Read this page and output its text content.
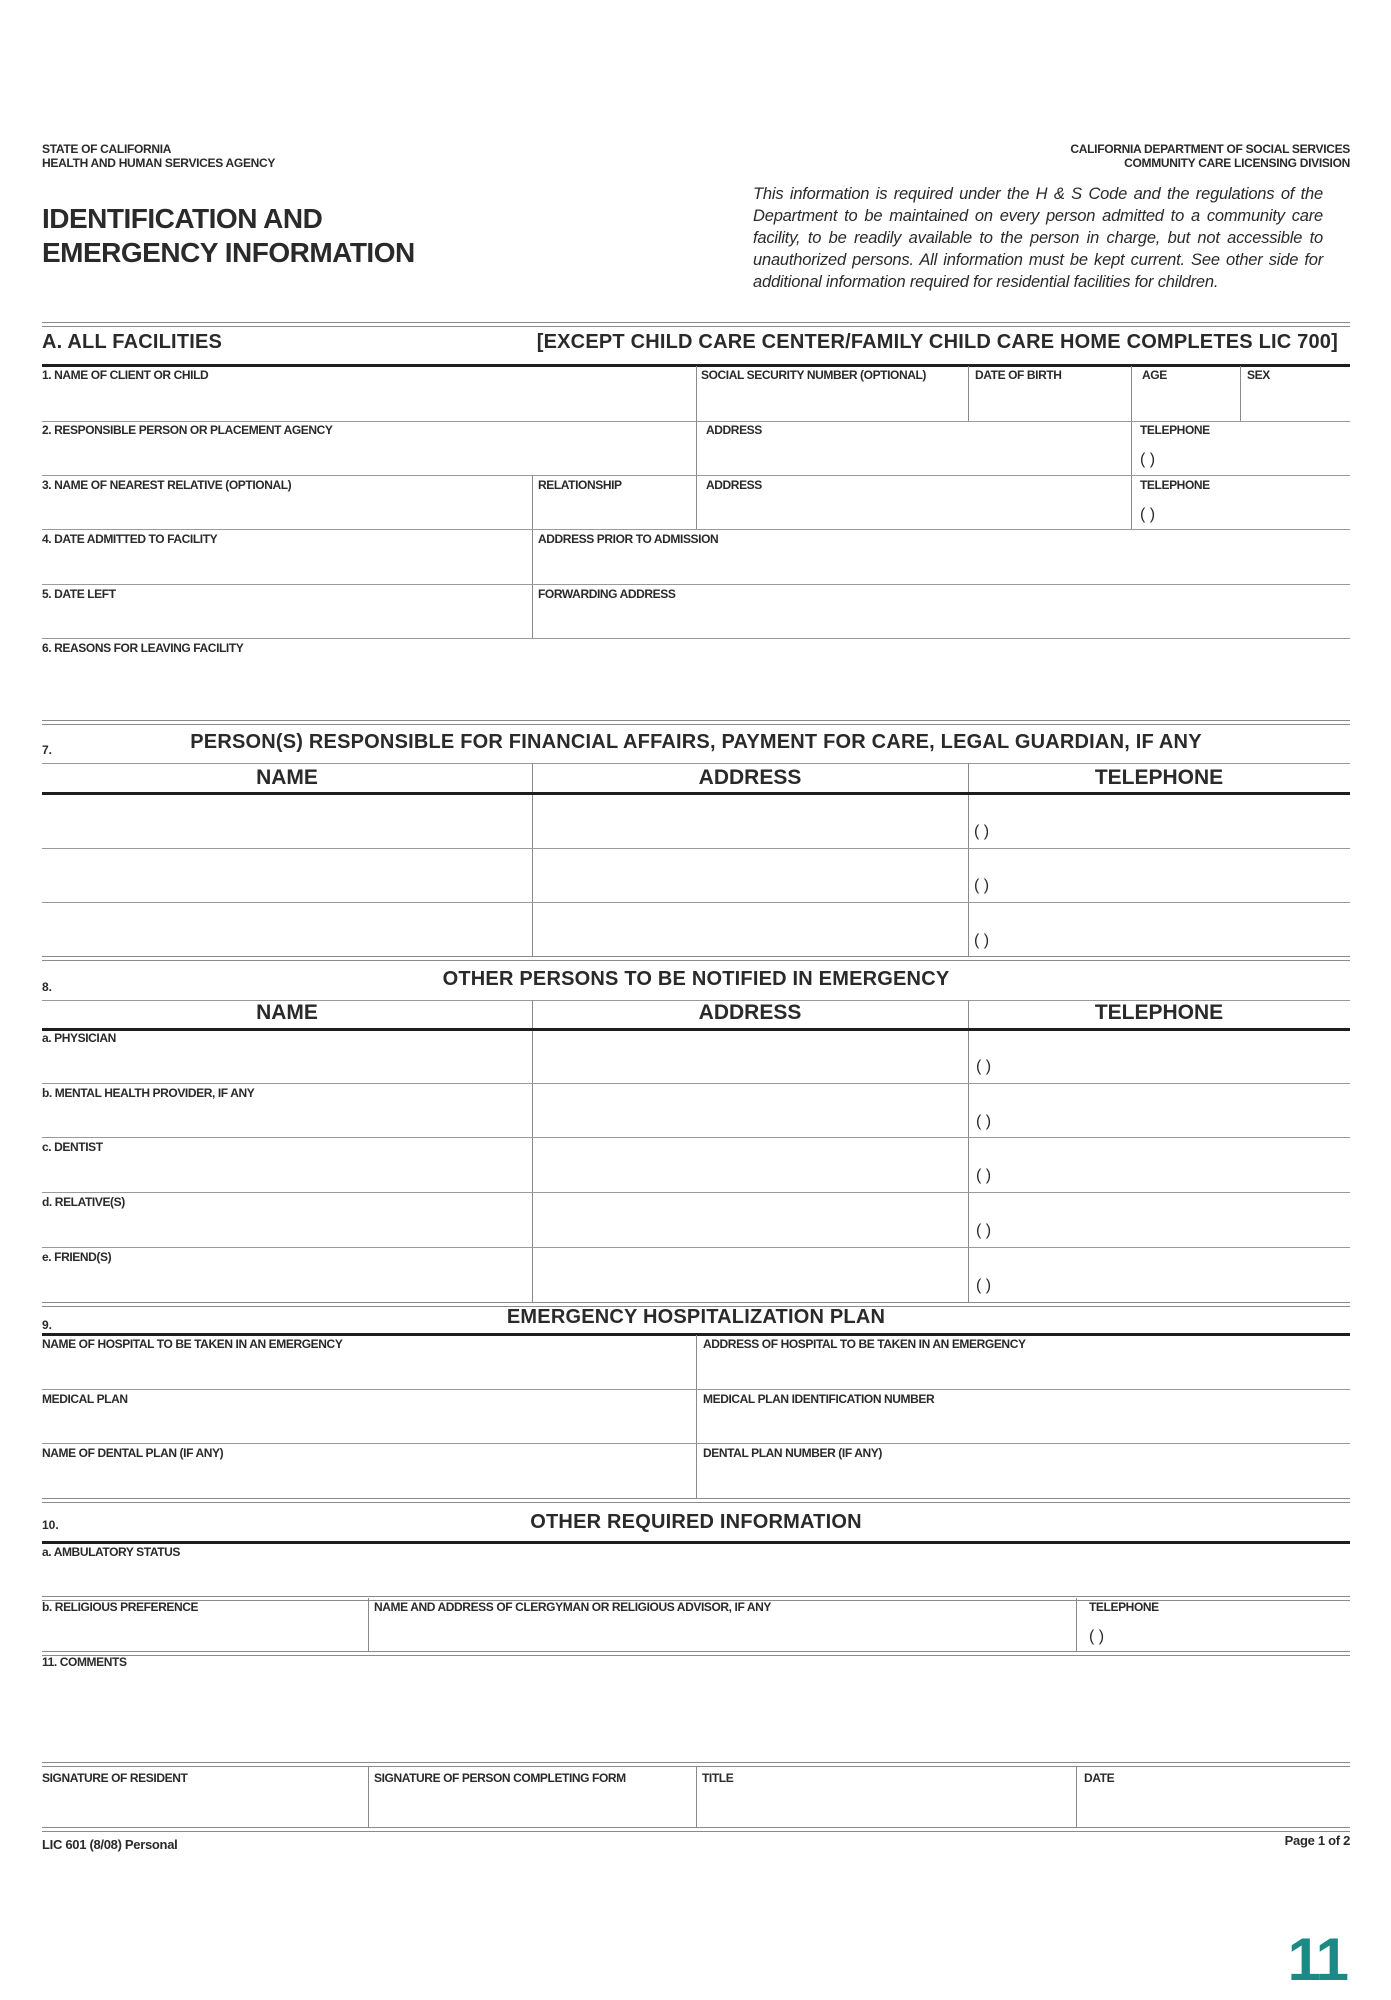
STATE OF CALIFORNIA
HEALTH AND HUMAN SERVICES AGENCY
CALIFORNIA DEPARTMENT OF SOCIAL SERVICES
COMMUNITY CARE LICENSING DIVISION
IDENTIFICATION AND
EMERGENCY INFORMATION
This information is required under the H & S Code and the regulations of the Department to be maintained on every person admitted to a community care facility, to be readily available to the person in charge, but not accessible to unauthorized persons. All information must be kept current. See other side for additional information required for residential facilities for children.
A. ALL FACILITIES	[EXCEPT CHILD CARE CENTER/FAMILY CHILD CARE HOME COMPLETES LIC 700]
1. NAME OF CLIENT OR CHILD	SOCIAL SECURITY NUMBER (OPTIONAL)	DATE OF BIRTH	AGE	SEX
2. RESPONSIBLE PERSON OR PLACEMENT AGENCY	ADDRESS	TELEPHONE
( )
3. NAME OF NEAREST RELATIVE (OPTIONAL)	RELATIONSHIP	ADDRESS	TELEPHONE
( )
4. DATE ADMITTED TO FACILITY	ADDRESS PRIOR TO ADMISSION
5. DATE LEFT	FORWARDING ADDRESS
6. REASONS FOR LEAVING FACILITY
7.	PERSON(S) RESPONSIBLE FOR FINANCIAL AFFAIRS, PAYMENT FOR CARE, LEGAL GUARDIAN, IF ANY
NAME	ADDRESS	TELEPHONE
( )
( )
( )
8.	OTHER PERSONS TO BE NOTIFIED IN EMERGENCY
NAME	ADDRESS	TELEPHONE
a. PHYSICIAN
( )
b. MENTAL HEALTH PROVIDER, IF ANY
( )
c. DENTIST
( )
d. RELATIVE(S)
( )
e. FRIEND(S)
( )
9.	EMERGENCY HOSPITALIZATION PLAN
NAME OF HOSPITAL TO BE TAKEN IN AN EMERGENCY	ADDRESS OF HOSPITAL TO BE TAKEN IN AN EMERGENCY
MEDICAL PLAN	MEDICAL PLAN IDENTIFICATION NUMBER
NAME OF DENTAL PLAN (IF ANY)	DENTAL PLAN NUMBER (IF ANY)
10.	OTHER REQUIRED INFORMATION
a. AMBULATORY STATUS
b. RELIGIOUS PREFERENCE	NAME AND ADDRESS OF CLERGYMAN OR RELIGIOUS ADVISOR, IF ANY	TELEPHONE
( )
11. COMMENTS
SIGNATURE OF RESIDENT	SIGNATURE OF PERSON COMPLETING FORM	TITLE	DATE
LIC 601 (8/08) Personal	Page 1 of 2
11
